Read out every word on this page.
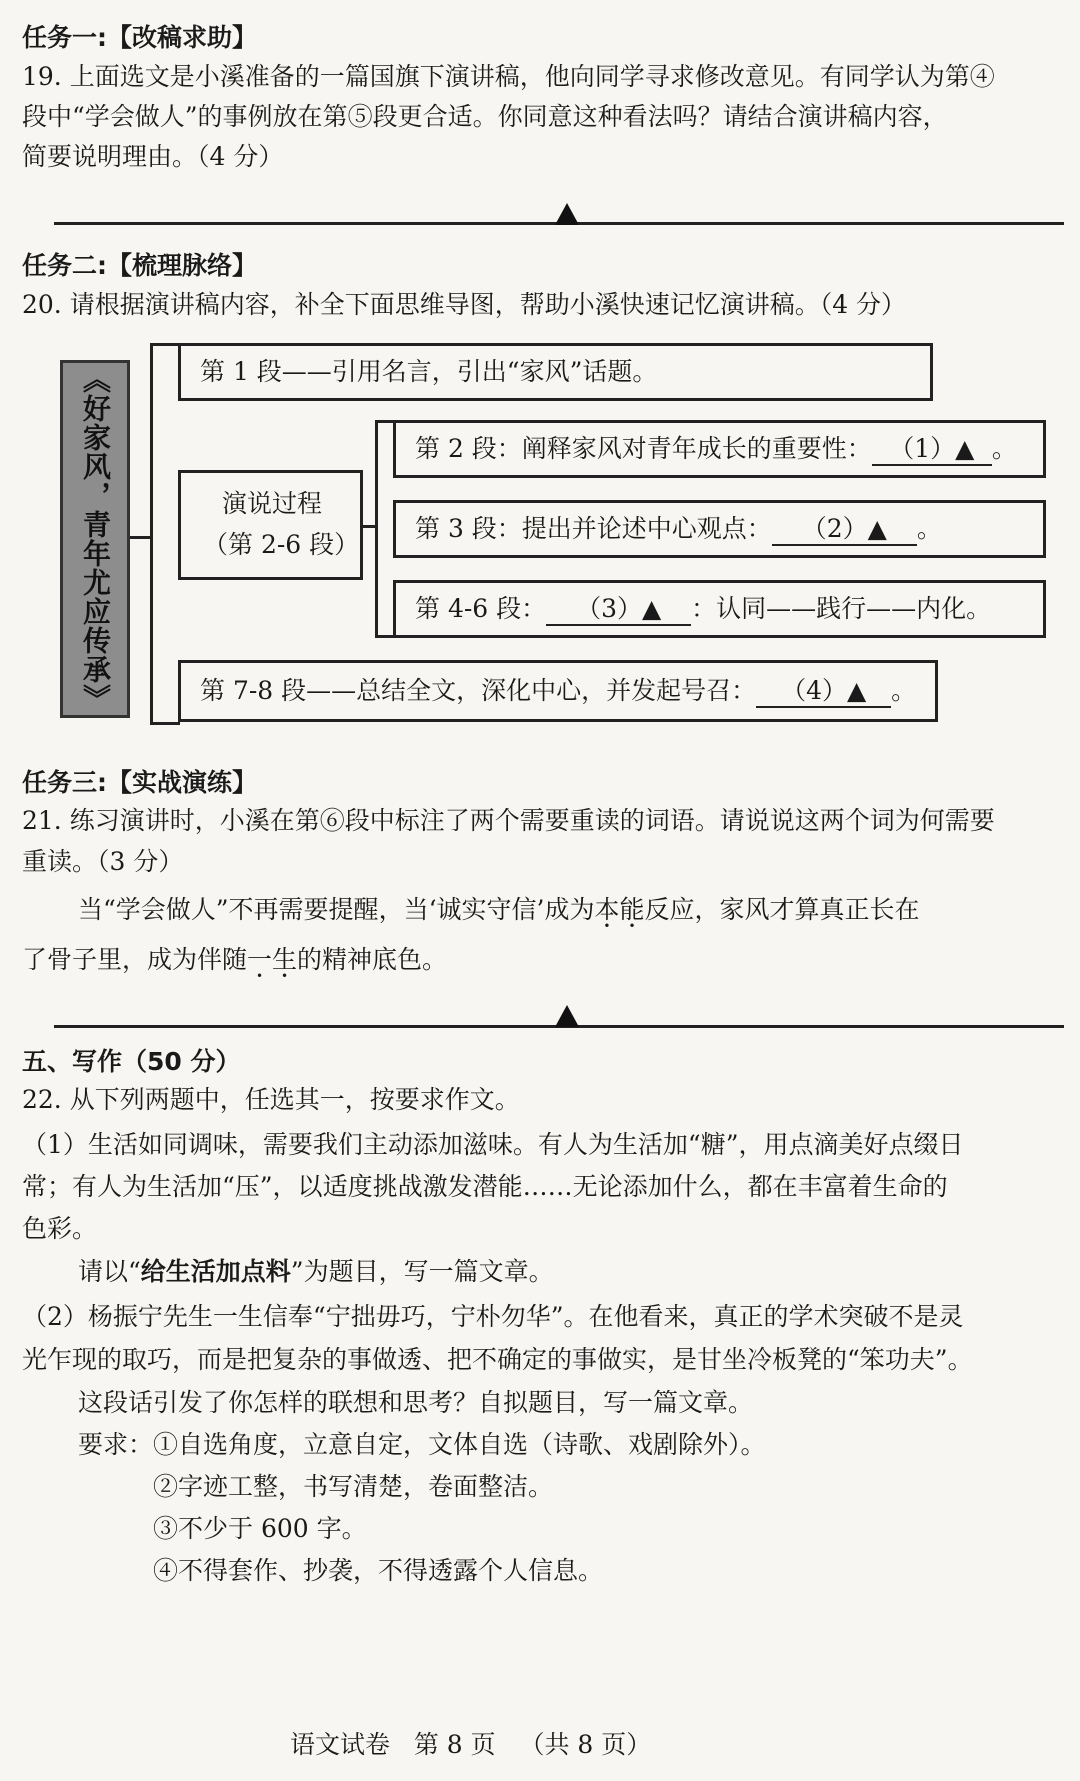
任务一:【改稿求助】
19. 上面选文是小溪准备的一篇国旗下演讲稿，他向同学寻求修改意见。有同学认为第④
段中“学会做人”的事例放在第⑤段更合适。你同意这种看法吗？请结合演讲稿内容，
简要说明理由。（4 分）
任务二:【梳理脉络】
20. 请根据演讲稿内容，补全下面思维导图，帮助小溪快速记忆演讲稿。（4 分）
《好家风，青年尤应传承》	第 1 段——引用名言，引出“家风”话题。
演说过程
（第 2-6 段）
第 2 段：阐释家风对青年成长的重要性： （1）▲ 。
第 3 段：提出并论述中心观点： （2）▲ 。
第 4-6 段： （3）▲ ：认同——践行——内化。
第 7-8 段——总结全文，深化中心，并发起号召： （4）▲ 。
任务三:【实战演练】
21. 练习演讲时，小溪在第⑥段中标注了两个需要重读的词语。请说说这两个词为何需要
重读。（3 分）
当“学会做人”不再需要提醒，当‘诚实守信’成为本能反应，家风才算真正长在
了骨子里，成为伴随一生的精神底色。
五、写作（50 分）
22. 从下列两题中，任选其一，按要求作文。
（1）生活如同调味，需要我们主动添加滋味。有人为生活加“糖”，用点滴美好点缀日
常；有人为生活加“压”，以适度挑战激发潜能……无论添加什么，都在丰富着生命的
色彩。
请以“给生活加点料”为题目，写一篇文章。
（2）杨振宁先生一生信奉“宁拙毋巧，宁朴勿华”。在他看来，真正的学术突破不是灵
光乍现的取巧，而是把复杂的事做透、把不确定的事做实，是甘坐冷板凳的“笨功夫”。
这段话引发了你怎样的联想和思考？自拟题目，写一篇文章。
要求：①自选角度，立意自定，文体自选（诗歌、戏剧除外）。
②字迹工整，书写清楚，卷面整洁。
③不少于 600 字。
④不得套作、抄袭，不得透露个人信息。
语文试卷   第 8 页   （共 8 页）
